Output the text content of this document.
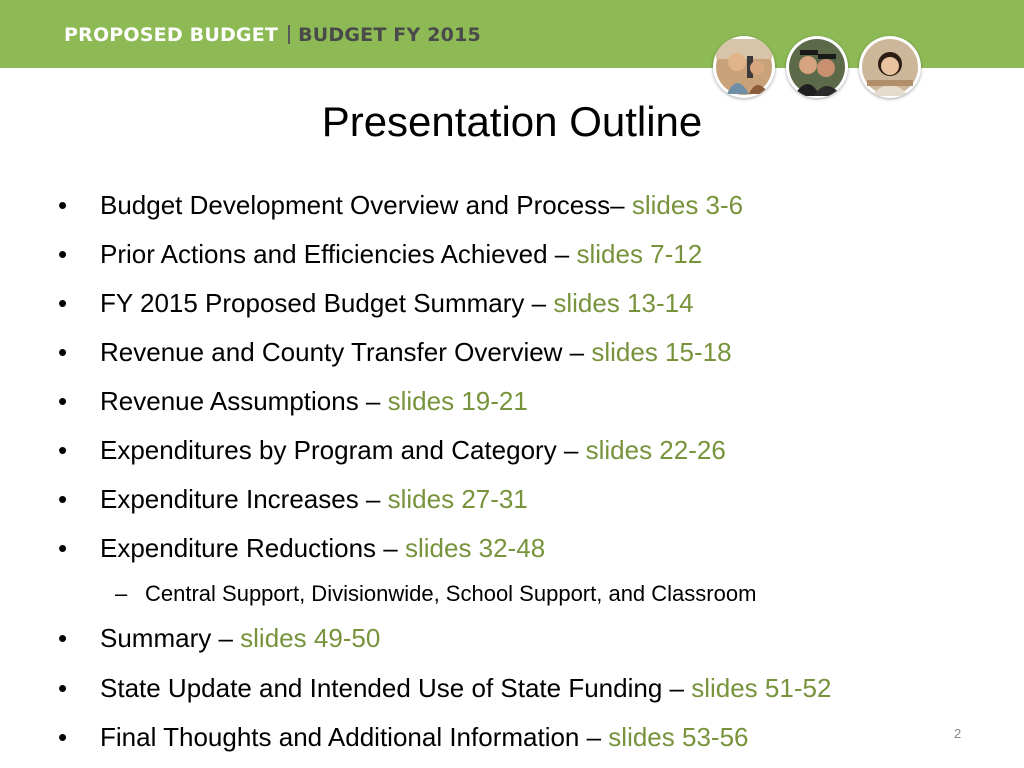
PROPOSED BUDGET BUDGET FY 2015
Presentation Outline
• Budget Development Overview and Process– slides 3-6
• Prior Actions and Efficiencies Achieved – slides 7-12
• FY 2015 Proposed Budget Summary – slides 13-14
• Revenue and County Transfer Overview – slides 15-18
• Revenue Assumptions – slides 19-21
• Expenditures by Program and Category – slides 22-26
• Expenditure Increases – slides 27-31
• Expenditure Reductions – slides 32-48
– Central Support, Divisionwide, School Support, and Classroom
• Summary – slides 49-50
• State Update and Intended Use of State Funding – slides 51-52
• Final Thoughts and Additional Information – slides 53-56	2
